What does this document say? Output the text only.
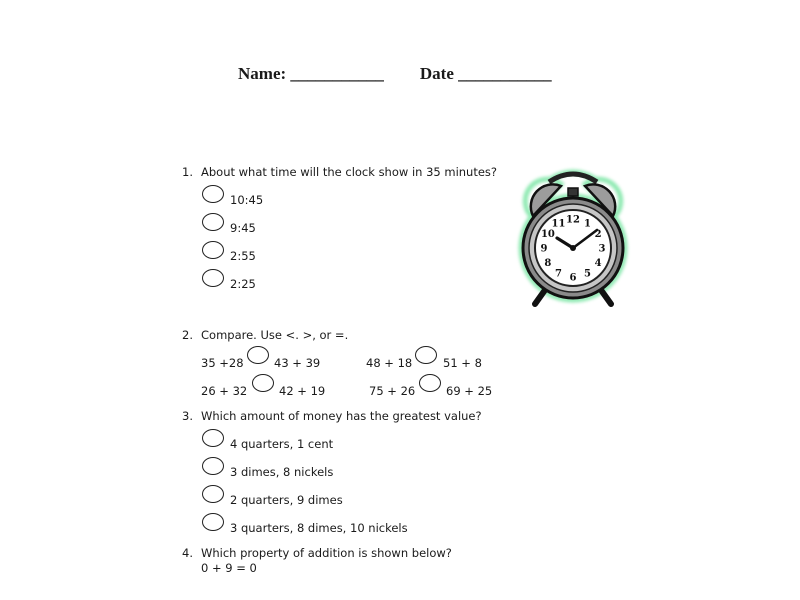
Name: ___________ Date ___________
1. About what time will the clock show in 35 minutes?
10:45
9:45
2:55
2:25
12 1
2
3
4
5
6
7
8
9
10
11
2. Compare. Use <. >, or =.
35 +28	43 + 39	48 + 18	51 + 8
26 + 32	42 + 19	75 + 26	69 + 25
3. Which amount of money has the greatest value?
4 quarters, 1 cent
3 dimes, 8 nickels
2 quarters, 9 dimes
3 quarters, 8 dimes, 10 nickels
4. Which property of addition is shown below?
0 + 9 = 0
